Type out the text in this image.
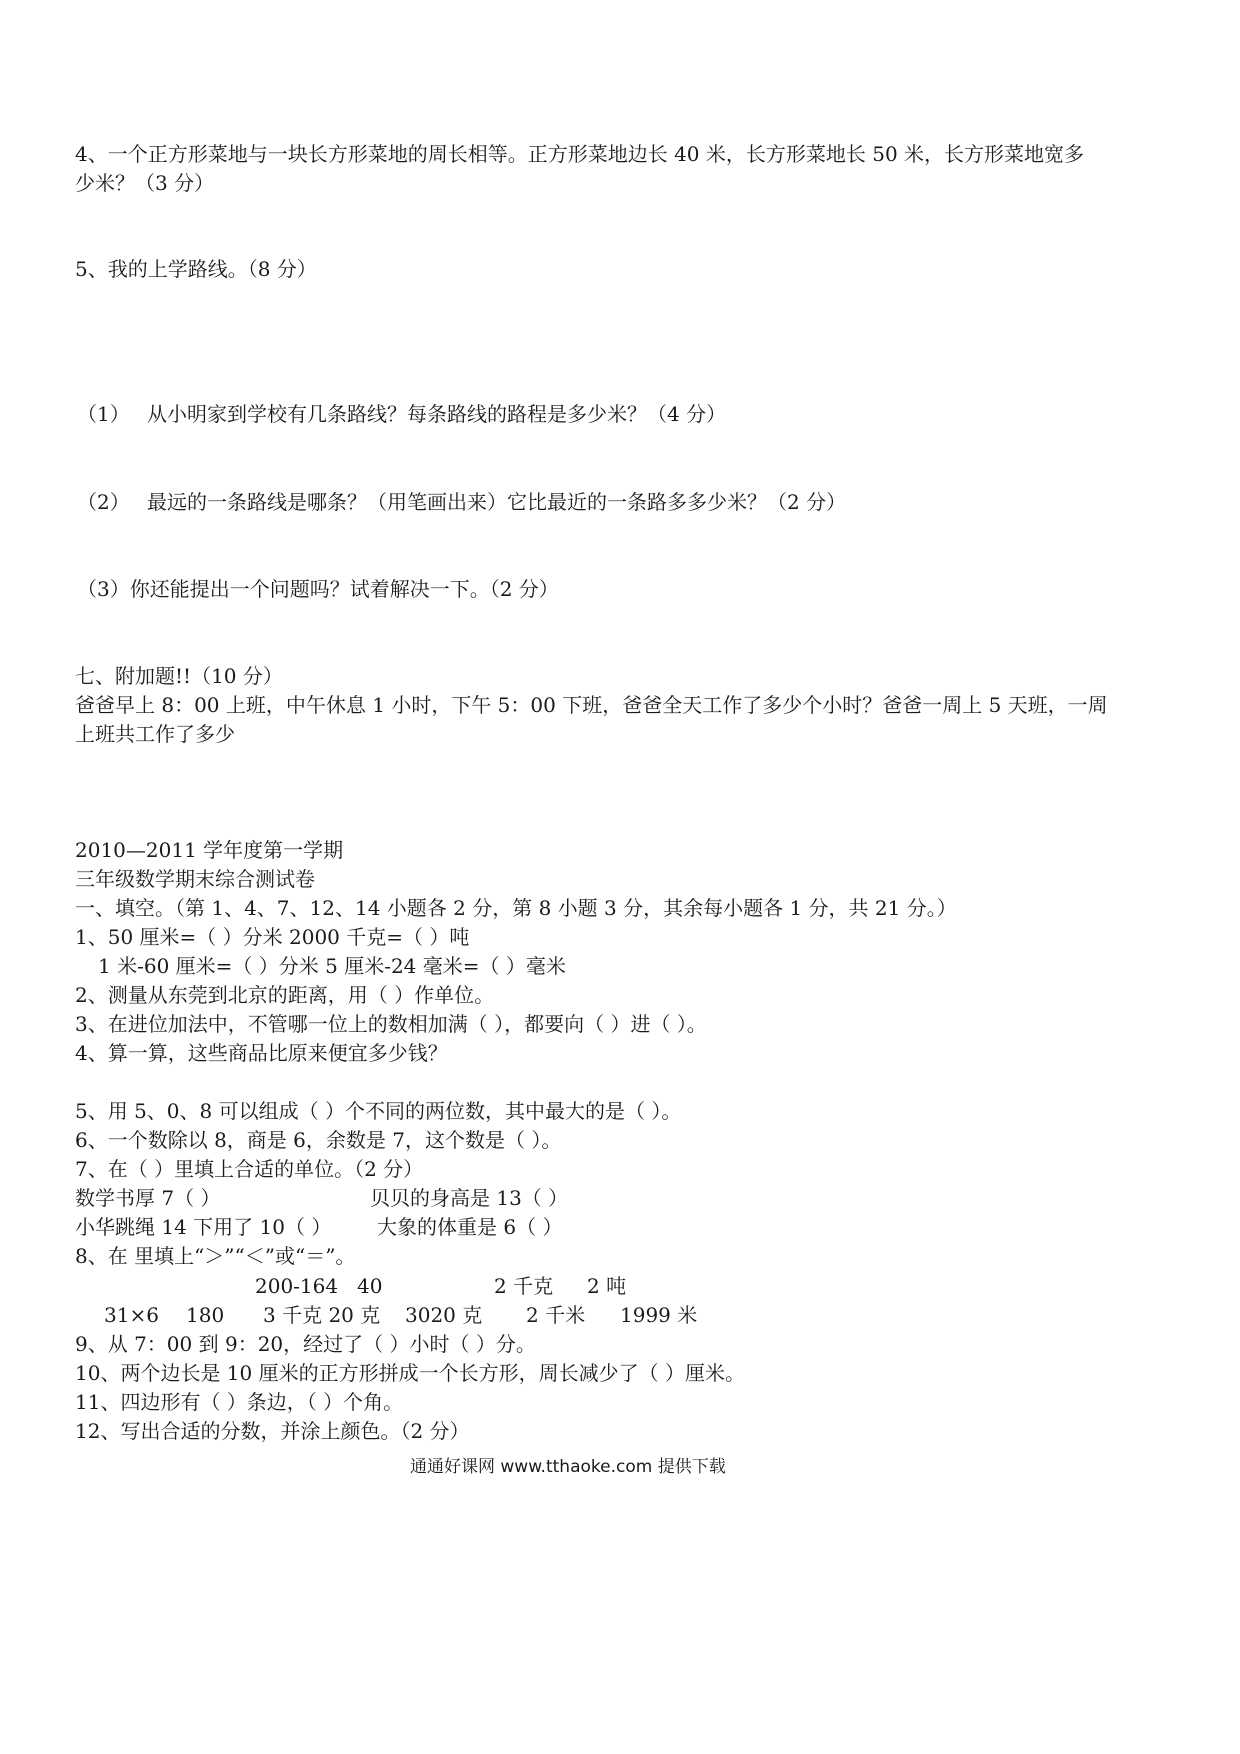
4、一个正方形菜地与一块长方形菜地的周长相等。正方形菜地边长 40 米，长方形菜地长 50 米，长方形菜地宽多
少米？（3 分）
5、我的上学路线。（8 分）
（1） 从小明家到学校有几条路线？每条路线的路程是多少米？（4 分）
（2） 最远的一条路线是哪条？（用笔画出来）它比最近的一条路多多少米？（2 分）
（3）你还能提出一个问题吗？试着解决一下。（2 分）
七、附加题!!（10 分）
爸爸早上 8：00 上班，中午休息 1 小时，下午 5：00 下班，爸爸全天工作了多少个小时？爸爸一周上 5 天班，一周
上班共工作了多少
2010—2011 学年度第一学期
三年级数学期末综合测试卷
一、填空。（第 1、4、7、12、14 小题各 2 分，第 8 小题 3 分，其余每小题各 1 分，共 21 分。）
1、50 厘米=（ ）分米 2000 千克=（ ）吨
1 米-60 厘米=（ ）分米 5 厘米-24 毫米=（ ）毫米
2、测量从东莞到北京的距离，用（ ）作单位。
3、在进位加法中，不管哪一位上的数相加满（ ），都要向（ ）进（ ）。
4、算一算，这些商品比原来便宜多少钱？
5、用 5、0、8 可以组成（ ）个不同的两位数，其中最大的是（ ）。
6、一个数除以 8，商是 6，余数是 7，这个数是（ ）。
7、在（ ）里填上合适的单位。（2 分）
数学书厚 7（ ）	贝贝的身高是 13（ ）
小华跳绳 14 下用了 10（ ） 大象的体重是 6（ ）
8、在 里填上“＞”“＜”或“＝”。
200-164 40	2 千克 2 吨
31×6 180 3 千克 20 克 3020 克 2 千米 1999 米
9、从 7：00 到 9：20，经过了（ ）小时（ ）分。
10、两个边长是 10 厘米的正方形拼成一个长方形，周长减少了（ ）厘米。
11、四边形有（ ）条边，（ ）个角。
12、写出合适的分数，并涂上颜色。（2 分）
通通好课网 www.tthaoke.com 提供下载
